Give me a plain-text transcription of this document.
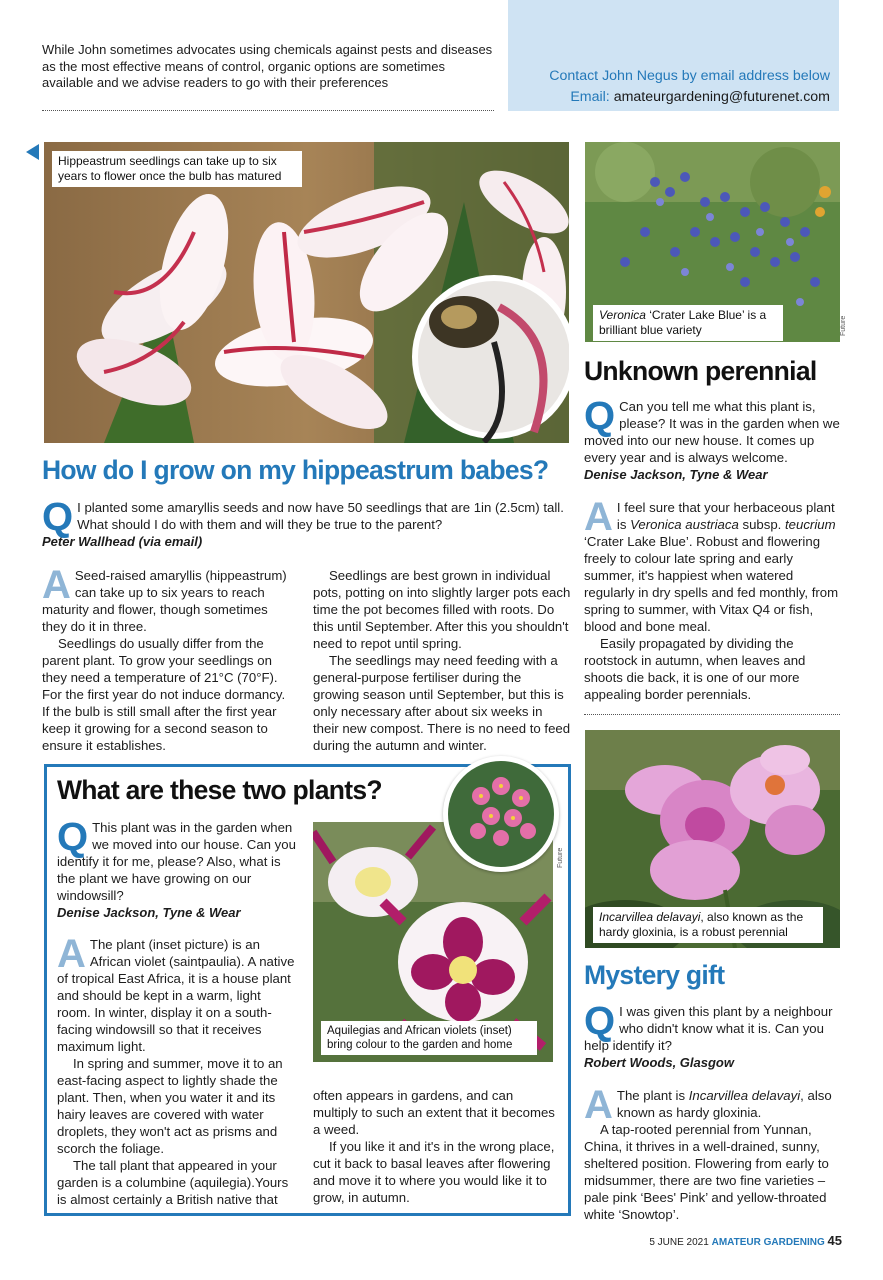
While John sometimes advocates using chemicals against pests and diseases as the most effective means of control, organic options are sometimes available and we advise readers to go with their preferences	Contact John Negus by email address below
Email: amateurgardening@futurenet.com
Hippeastrum seedlings can take up to six years to flower once the bulb has matured
Veronica ‘Crater Lake Blue’ is a brilliant blue variety	Future
How do I grow on my hippeastrum babes?
Q I planted some amaryllis seeds and now have 50 seedlings that are 1in (2.5cm) tall. What should I do with them and will they be true to the parent?
Peter Wallhead (via email)
A Seed-raised amaryllis (hippeastrum) can take up to six years to reach maturity and flower, though sometimes they do it in three.

Seedlings do usually differ from the parent plant. To grow your seedlings on they need a temperature of 21°C (70°F). For the first year do not induce dormancy. If the bulb is still small after the first year keep it growing for a second season to ensure it establishes.

Seedlings are best grown in individual pots, potting on into slightly larger pots each time the pot becomes filled with roots. Do this until September. After this you shouldn't need to repot until spring.

The seedlings may need feeding with a general-purpose fertiliser during the growing season until September, but this is only necessary after about six weeks in their new compost. There is no need to feed during the autumn and winter.

Unknown perennial
Q Can you tell me what this plant is, please? It was in the garden when we moved into our new house. It comes up every year and is always welcome.
Denise Jackson, Tyne & Wear
A I feel sure that your herbaceous plant is Veronica austriaca subsp. teucrium ‘Crater Lake Blue’. Robust and flowering freely to colour late spring and early summer, it's happiest when watered regularly in dry spells and fed monthly, from spring to summer, with Vitax Q4 or fish, blood and bone meal.

Easily propagated by dividing the rootstock in autumn, when leaves and shoots die back, it is one of our more appealing border perennials.

Incarvillea delavayi, also known as the hardy gloxinia, is a robust perennial
Mystery gift
Q I was given this plant by a neighbour who didn't know what it is. Can you help identify it?
Robert Woods, Glasgow
A The plant is Incarvillea delavayi, also known as hardy gloxinia.

A tap-rooted perennial from Yunnan, China, it thrives in a well-drained, sunny, sheltered position. Flowering from early to midsummer, there are two fine varieties – pale pink ‘Bees' Pink’ and yellow-throated white ‘Snowtop’.

What are these two plants?
Q This plant was in the garden when we moved into our house. Can you identify it for me, please? Also, what is the plant we have growing on our windowsill?
Denise Jackson, Tyne & Wear
A The plant (inset picture) is an African violet (saintpaulia). A native of tropical East Africa, it is a house plant and should be kept in a warm, light room. In winter, display it on a south-facing windowsill so that it receives maximum light.

In spring and summer, move it to an east-facing aspect to lightly shade the plant. Then, when you water it and its hairy leaves are covered with water droplets, they won't act as prisms and scorch the foliage.

The tall plant that appeared in your garden is a columbine (aquilegia).Yours is almost certainly a British native that

Aquilegias and African violets (inset) bring colour to the garden and home
Future

often appears in gardens, and can multiply to such an extent that it becomes a weed.

If you like it and it's in the wrong place, cut it back to basal leaves after flowering and move it to where you would like it to grow, in autumn.

5 JUNE 2021 AMATEUR GARDENING 45
